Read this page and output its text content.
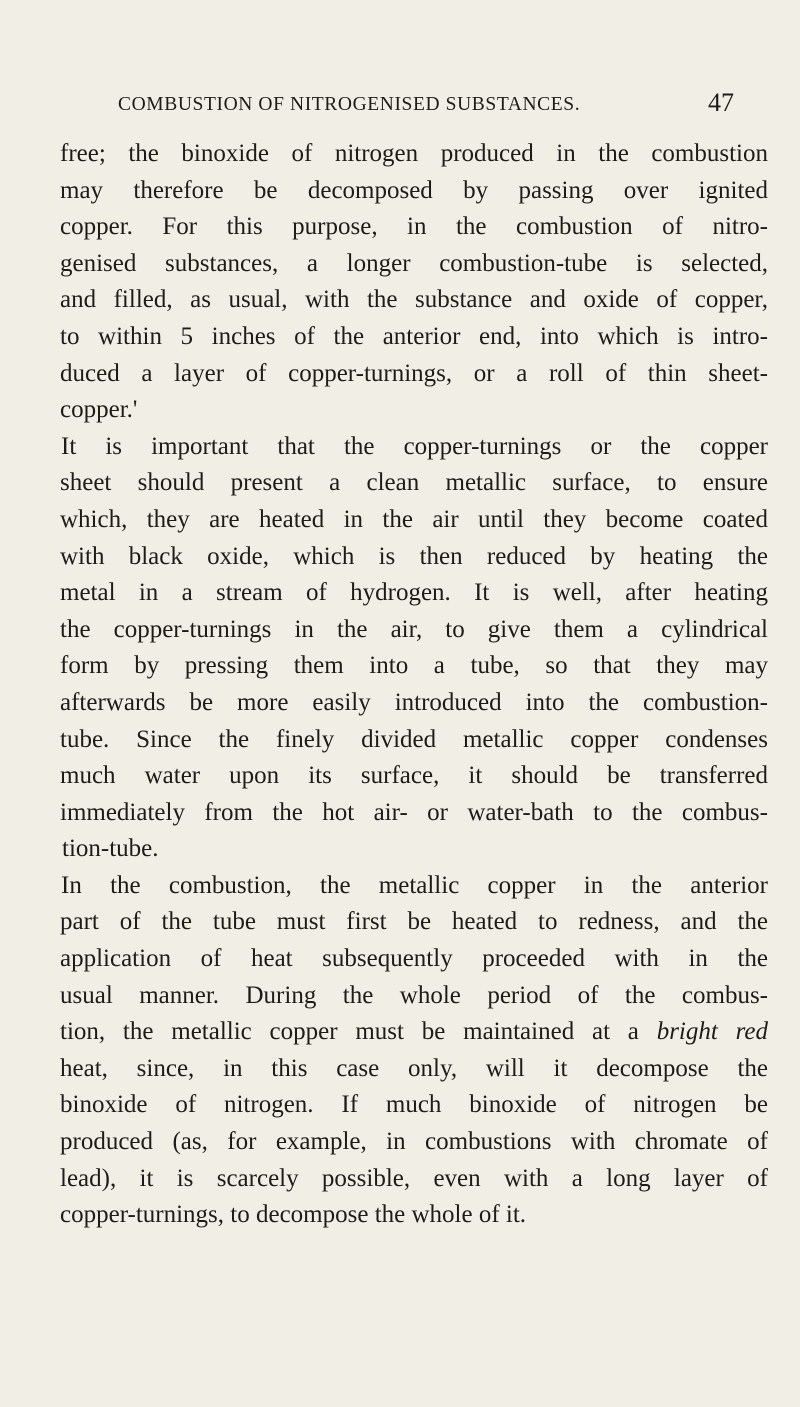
COMBUSTION OF NITROGENISED SUBSTANCES.	47
free; the binoxide of nitrogen produced in the combustion
may therefore be decomposed by passing over ignited
copper. For this purpose, in the combustion of nitro-
genised substances, a longer combustion-tube is selected,
and filled, as usual, with the substance and oxide of copper,
to within 5 inches of the anterior end, into which is intro-
duced a layer of copper-turnings, or a roll of thin sheet-
copper.'
It is important that the copper-turnings or the copper
sheet should present a clean metallic surface, to ensure
which, they are heated in the air until they become coated
with black oxide, which is then reduced by heating the
metal in a stream of hydrogen. It is well, after heating
the copper-turnings in the air, to give them a cylindrical
form by pressing them into a tube, so that they may
afterwards be more easily introduced into the combustion-
tube. Since the finely divided metallic copper condenses
much water upon its surface, it should be transferred
immediately from the hot air- or water-bath to the combus-
tion-tube.
In the combustion, the metallic copper in the anterior
part of the tube must first be heated to redness, and the
application of heat subsequently proceeded with in the
usual manner. During the whole period of the combus-
tion, the metallic copper must be maintained at a bright red
heat, since, in this case only, will it decompose the
binoxide of nitrogen. If much binoxide of nitrogen be
produced (as, for example, in combustions with chromate of
lead), it is scarcely possible, even with a long layer of
copper-turnings, to decompose the whole of it.
